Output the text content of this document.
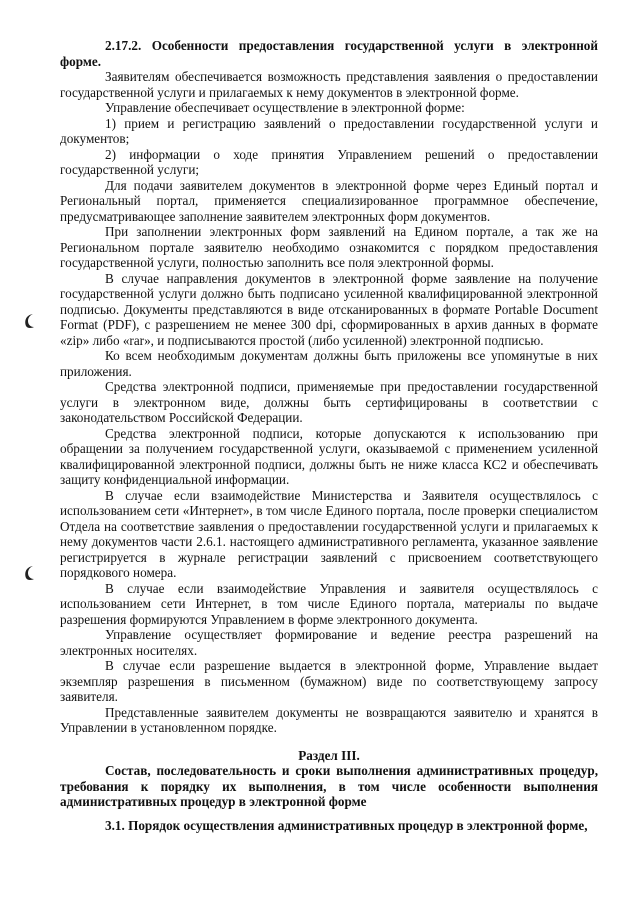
2.17.2. Особенности предоставления государственной услуги в электронной форме.

Заявителям обеспечивается возможность представления заявления о предоставлении государственной услуги и прилагаемых к нему документов в электронной форме.

Управление обеспечивает осуществление в электронной форме:

1) прием и регистрацию заявлений о предоставлении государственной услуги и документов;

2) информации о ходе принятия Управлением решений о предоставлении государственной услуги;

Для подачи заявителем документов в электронной форме через Единый портал и Региональный портал, применяется специализированное программное обеспечение, предусматривающее заполнение заявителем электронных форм документов.

При заполнении электронных форм заявлений на Едином портале, а так же на Региональном портале заявителю необходимо ознакомится с порядком предоставления государственной услуги, полностью заполнить все поля электронной формы.

В случае направления документов в электронной форме заявление на получение государственной услуги должно быть подписано усиленной квалифицированной электронной подписью. Документы представляются в виде отсканированных в формате Portable Document Format (PDF), с разрешением не менее 300 dpi, сформированных в архив данных в формате «zip» либо «rar», и подписываются простой (либо усиленной) электронной подписью.

Ко всем необходимым документам должны быть приложены все упомянутые в них приложения.

Средства электронной подписи, применяемые при предоставлении государственной услуги в электронном виде, должны быть сертифицированы в соответствии с законодательством Российской Федерации.

Средства электронной подписи, которые допускаются к использованию при обращении за получением государственной услуги, оказываемой с применением усиленной квалифицированной электронной подписи, должны быть не ниже класса КС2 и обеспечивать защиту конфиденциальной информации.

В случае если взаимодействие Министерства и Заявителя осуществлялось с использованием сети «Интернет», в том числе Единого портала, после проверки специалистом Отдела на соответствие заявления о предоставлении государственной услуги и прилагаемых к нему документов части 2.6.1. настоящего административного регламента, указанное заявление регистрируется в журнале регистрации заявлений с присвоением соответствующего порядкового номера.

В случае если взаимодействие Управления и заявителя осуществлялось с использованием сети Интернет, в том числе Единого портала, материалы по выдаче разрешения формируются Управлением в форме электронного документа.

Управление осуществляет формирование и ведение реестра разрешений на электронных носителях.

В случае если разрешение выдается в электронной форме, Управление выдает экземпляр разрешения в письменном (бумажном) виде по соответствующему запросу заявителя.

Представленные заявителем документы не возвращаются заявителю и хранятся в Управлении в установленном порядке.

Раздел III.

Состав, последовательность и сроки выполнения административных процедур, требования к порядку их выполнения, в том числе особенности выполнения административных процедур в электронной форме

3.1. Порядок осуществления административных процедур в электронной форме,
